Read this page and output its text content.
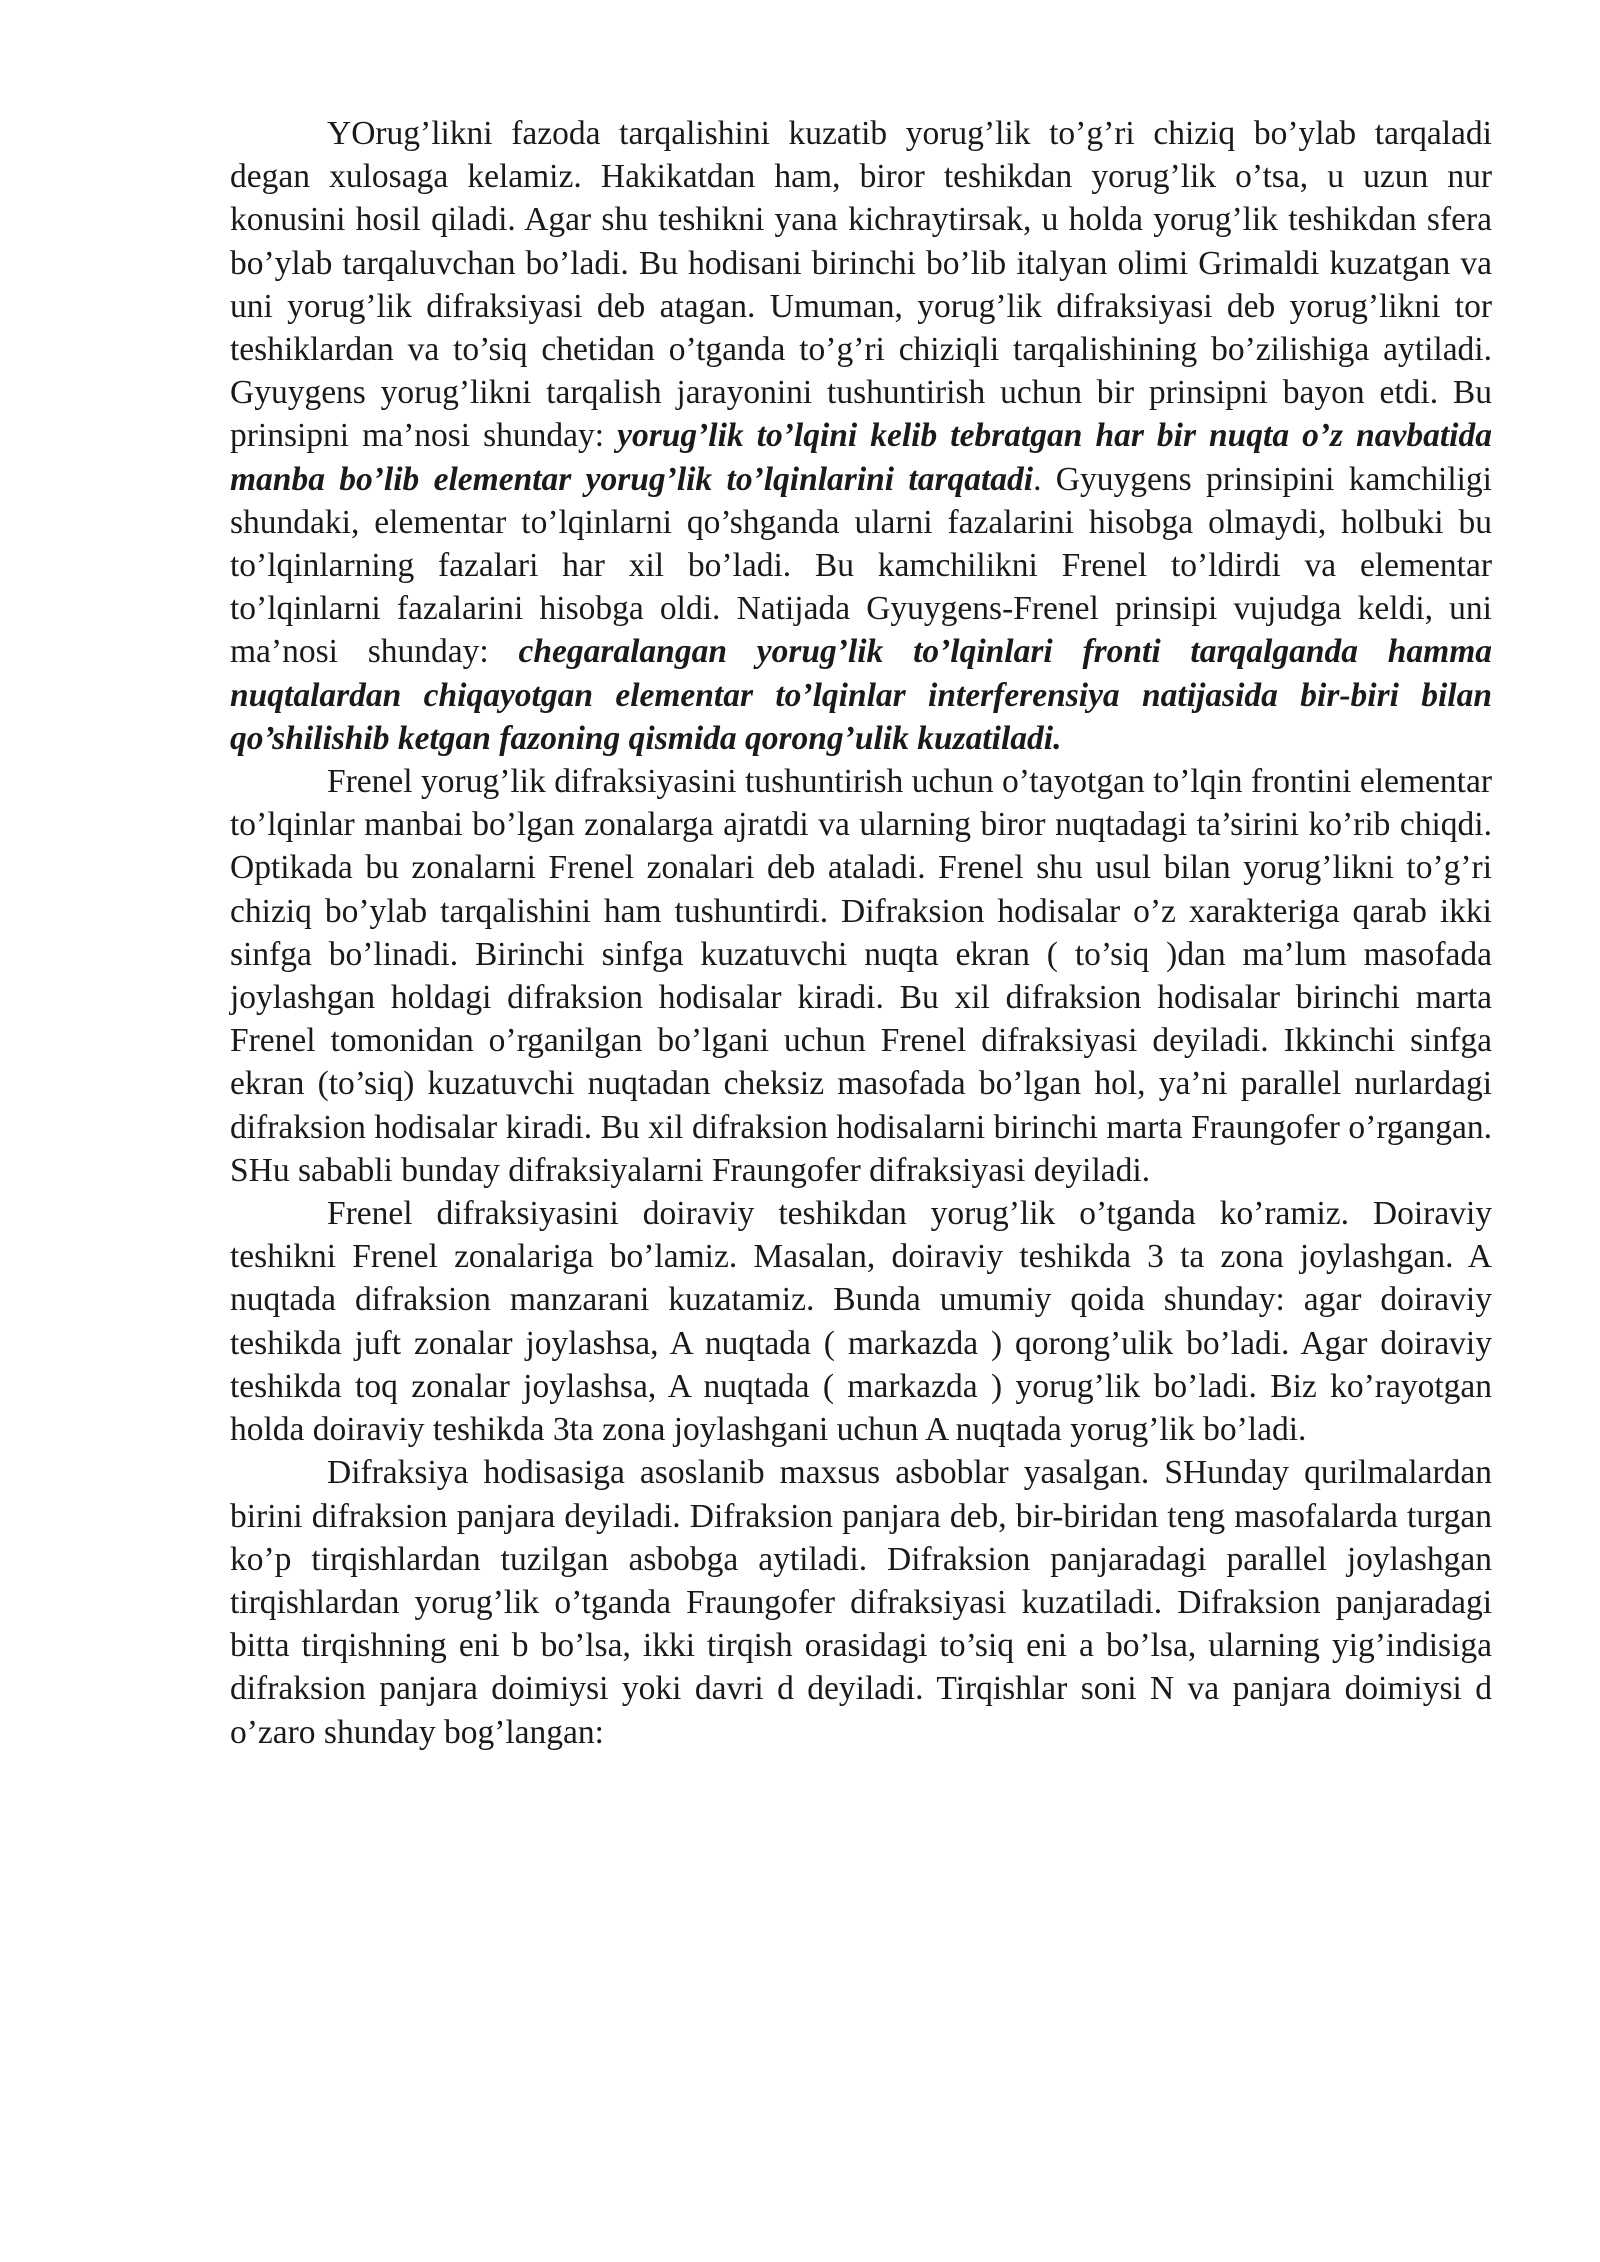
YOrug’likni fazoda tarqalishini kuzatib yorug’lik to’g’ri chiziq bo’ylab tarqaladi degan xulosaga kelamiz. Hakikatdan ham, biror teshikdan yorug’lik o’tsa, u uzun nur konusini hosil qiladi. Agar shu teshikni yana kichraytirsak, u holda yorug’lik teshikdan sfera bo’ylab tarqaluvchan bo’ladi. Bu hodisani birinchi bo’lib italyan olimi Grimaldi kuzatgan va uni yorug’lik difraksiyasi deb atagan. Umuman, yorug’lik difraksiyasi deb yorug’likni tor teshiklardan va to’siq chetidan o’tganda to’g’ri chiziqli tarqalishining bo’zilishiga aytiladi. Gyuygens yorug’likni tarqalish jarayonini tushuntirish uchun bir prinsipni bayon etdi. Bu prinsipni ma’nosi shunday: yorug’lik to’lqini kelib tebratgan har bir nuqta o’z navbatida manba bo’lib elementar yorug’lik to’lqinlarini tarqatadi. Gyuygens prinsipini kamchiligi shundaki, elementar to’lqinlarni qo’shganda ularni fazalarini hisobga olmaydi, holbuki bu to’lqinlarning fazalari har xil bo’ladi. Bu kamchilikni Frenel to’ldirdi va elementar to’lqinlarni fazalarini hisobga oldi. Natijada Gyuygens-Frenel prinsipi vujudga keldi, uni ma’nosi shunday: chegaralangan yorug’lik to’lqinlari fronti tarqalganda hamma nuqtalardan chiqayotgan elementar to’lqinlar interferensiya natijasida bir-biri bilan qo’shilishib ketgan fazoning qismida qorong’ulik kuzatiladi.

Frenel yorug’lik difraksiyasini tushuntirish uchun o’tayotgan to’lqin frontini elementar to’lqinlar manbai bo’lgan zonalarga ajratdi va ularning biror nuqtadagi ta’sirini ko’rib chiqdi. Optikada bu zonalarni Frenel zonalari deb ataladi. Frenel shu usul bilan yorug’likni to’g’ri chiziq bo’ylab tarqalishini ham tushuntirdi. Difraksion hodisalar o’z xarakteriga qarab ikki sinfga bo’linadi. Birinchi sinfga kuzatuvchi nuqta ekran ( to’siq )dan ma’lum masofada joylashgan holdagi difraksion hodisalar kiradi. Bu xil difraksion hodisalar birinchi marta Frenel tomonidan o’rganilgan bo’lgani uchun Frenel difraksiyasi deyiladi. Ikkinchi sinfga ekran (to’siq) kuzatuvchi nuqtadan cheksiz masofada bo’lgan hol, ya’ni parallel nurlardagi difraksion hodisalar kiradi. Bu xil difraksion hodisalarni birinchi marta Fraungofer o’rgangan. SHu sababli bunday difraksiyalarni Fraungofer difraksiyasi deyiladi.

Frenel difraksiyasini doiraviy teshikdan yorug’lik o’tganda ko’ramiz. Doiraviy teshikni Frenel zonalariga bo’lamiz. Masalan, doiraviy teshikda 3 ta zona joylashgan. A nuqtada difraksion manzarani kuzatamiz. Bunda umumiy qoida shunday: agar doiraviy teshikda juft zonalar joylashsa, A nuqtada ( markazda ) qorong’ulik bo’ladi. Agar doiraviy teshikda toq zonalar joylashsa, A nuqtada ( markazda ) yorug’lik bo’ladi. Biz ko’rayotgan holda doiraviy teshikda 3ta zona joylashgani uchun A nuqtada yorug’lik bo’ladi.

Difraksiya hodisasiga asoslanib maxsus asboblar yasalgan. SHunday qurilmalardan birini difraksion panjara deyiladi. Difraksion panjara deb, bir-biridan teng masofalarda turgan ko’p tirqishlardan tuzilgan asbobga aytiladi. Difraksion panjaradagi parallel joylashgan tirqishlardan yorug’lik o’tganda Fraungofer difraksiyasi kuzatiladi. Difraksion panjaradagi bitta tirqishning eni b bo’lsa, ikki tirqish orasidagi to’siq eni a bo’lsa, ularning yig’indisiga difraksion panjara doimiysi yoki davri d deyiladi. Tirqishlar soni N va panjara doimiysi d o’zaro shunday bog’langan:
